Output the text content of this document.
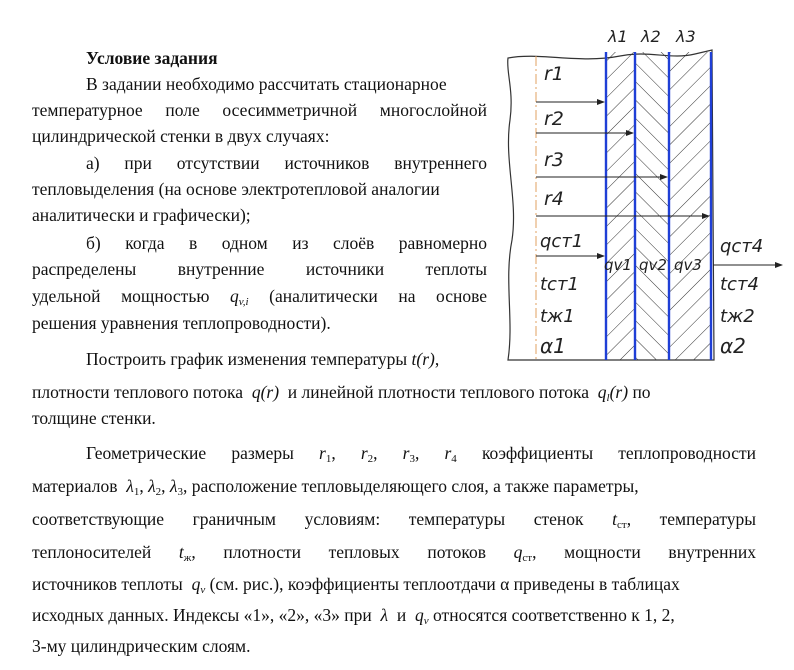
Условие задания
В задании необходимо рассчитать стационарное
температурное поле осесимметричной многослойной
цилиндрической стенки в двух случаях:
а) при отсутствии источников внутреннего
тепловыделения (на основе электротепловой аналогии
аналитически и графически);
б) когда в одном из слоёв равномерно
распределены внутренние источники теплоты
удельной мощностью $q_{v,i}$ (аналитически на основе
решения уравнения теплопроводности).
Построить график изменения температуры t(r),
плотности теплового потока q(r) и линейной плотности теплового потока $q_l(r)$ по
толщине стенки.
Геометрические размеры $r_1$, $r_2$, $r_3$, $r_4$ коэффициенты теплопроводности
материалов $\lambda_1$, $\lambda_2$, $\lambda_3$, расположение тепловыделяющего слоя, а также параметры,
соответствующие граничным условиям: температуры стенок $t_{ст}$, температуры
теплоносителей $t_ж$, плотности тепловых потоков $q_{ст}$, мощности внутренних
источников теплоты $q_v$ (см. рис.), коэффициенты теплоотдачи α приведены в таблицах
исходных данных. Индексы «1», «2», «3» при λ и $q_v$ относятся соответственно к 1, 2,
3-му цилиндрическим слоям.
λ1 λ2 λ3
r1
r2
r3
r4
qст1
tст1
tж1
α1
qv1 qv2 qv3
qст4
tст4
tж2
α2
